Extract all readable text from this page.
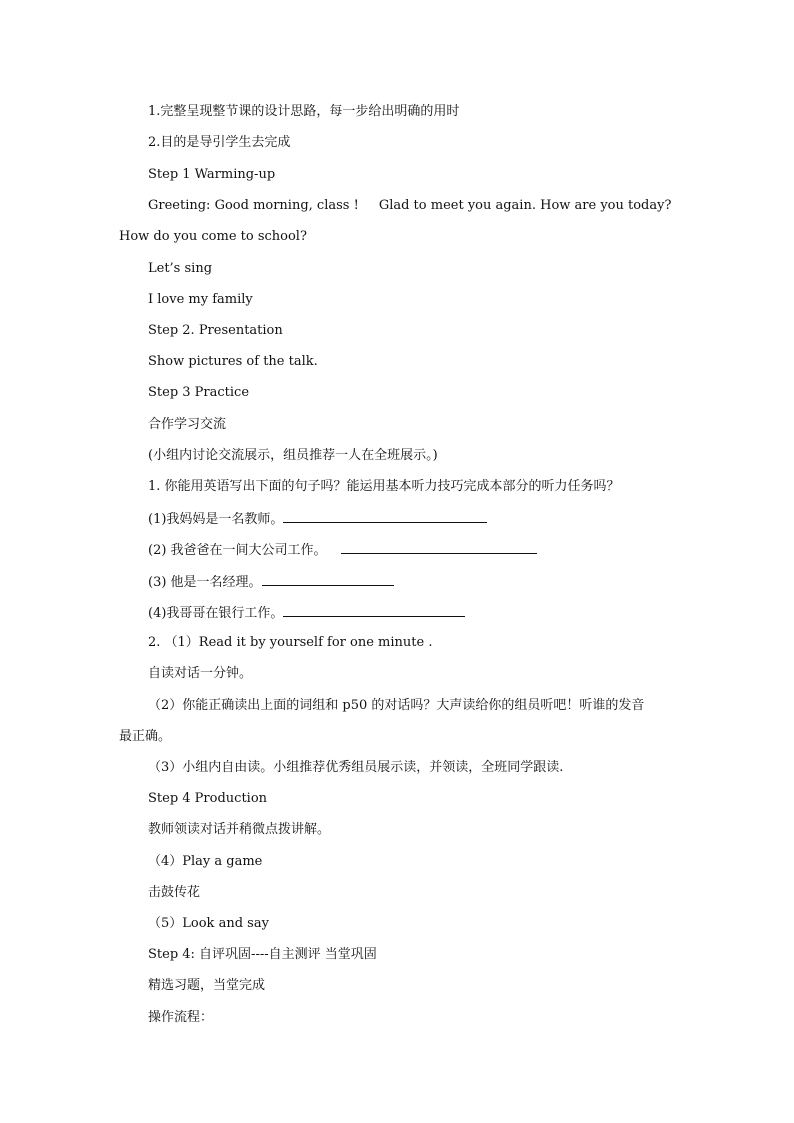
1.完整呈现整节课的设计思路，每一步给出明确的用时
2.目的是导引学生去完成
Step 1 Warming-up
Greeting: Good morning, class ! Glad to meet you again. How are you today?
How do you come to school?
Let’s sing
I love my family
Step 2. Presentation
Show pictures of the talk.
Step 3 Practice
合作学习交流
(小组内讨论交流展示，组员推荐一人在全班展示。)
1. 你能用英语写出下面的句子吗？能运用基本听力技巧完成本部分的听力任务吗？
(1)我妈妈是一名教师。
(2) 我爸爸在一间大公司工作。
(3) 他是一名经理。
(4)我哥哥在银行工作。
2. （1）Read it by yourself for one minute .
自读对话一分钟。
（2）你能正确读出上面的词组和 p50 的对话吗？大声读给你的组员听吧！听谁的发音
最正确。
（3）小组内自由读。小组推荐优秀组员展示读，并领读，全班同学跟读.
Step 4 Production
教师领读对话并稍微点拨讲解。
（4）Play a game
击鼓传花
（5）Look and say
Step 4: 自评巩固----自主测评 当堂巩固
精选习题，当堂完成
操作流程：
